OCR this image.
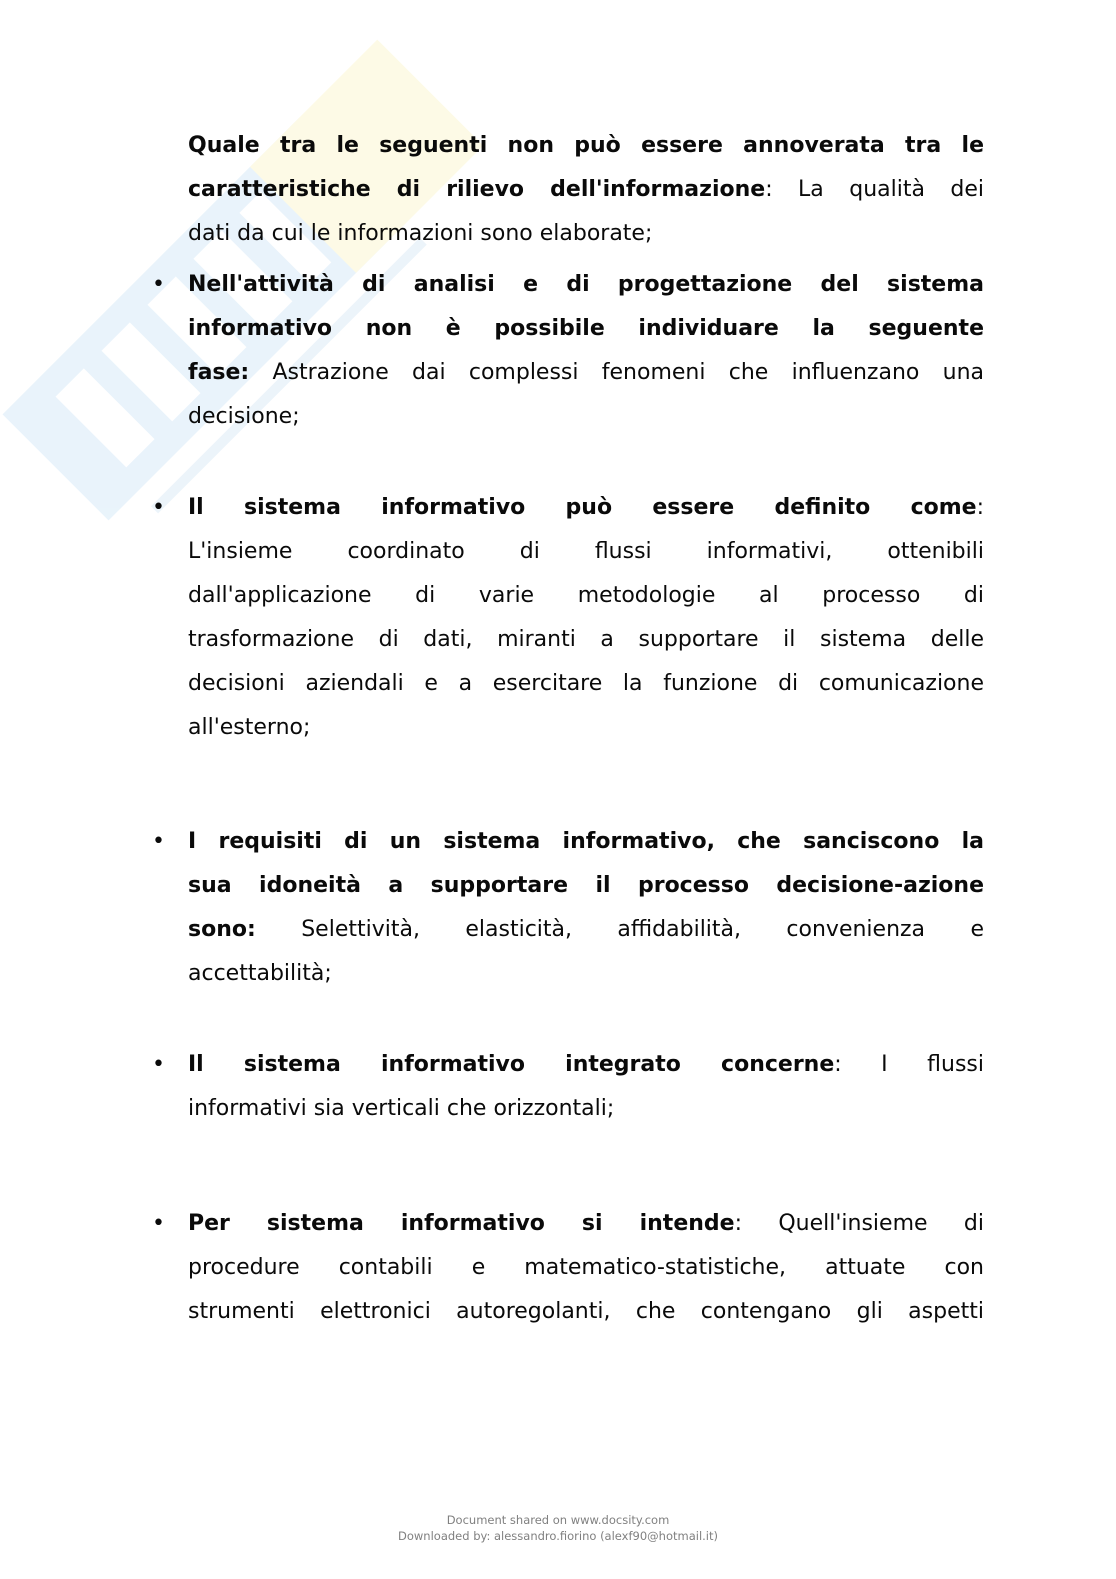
Quale tra le seguenti non può essere annoverata tra le
caratteristiche di rilievo dell'informazione: La qualità dei
dati da cui le informazioni sono elaborate;
• Nell'attività di analisi e di progettazione del sistema
informativo non è possibile individuare la seguente
fase: Astrazione dai complessi fenomeni che influenzano una
decisione;
• Il sistema informativo può essere definito come:
L'insieme coordinato di flussi informativi, ottenibili
dall'applicazione di varie metodologie al processo di
trasformazione di dati, miranti a supportare il sistema delle
decisioni aziendali e a esercitare la funzione di comunicazione
all'esterno;
• I requisiti di un sistema informativo, che sanciscono la
sua idoneità a supportare il processo decisione-azione
sono: Selettività, elasticità, affidabilità, convenienza e
accettabilità;
• Il sistema informativo integrato concerne: I flussi
informativi sia verticali che orizzontali;
• Per sistema informativo si intende: Quell'insieme di
procedure contabili e matematico-statistiche, attuate con
strumenti elettronici autoregolanti, che contengano gli aspetti
Document shared on www.docsity.com
Downloaded by: alessandro.fiorino (alexf90@hotmail.it)
